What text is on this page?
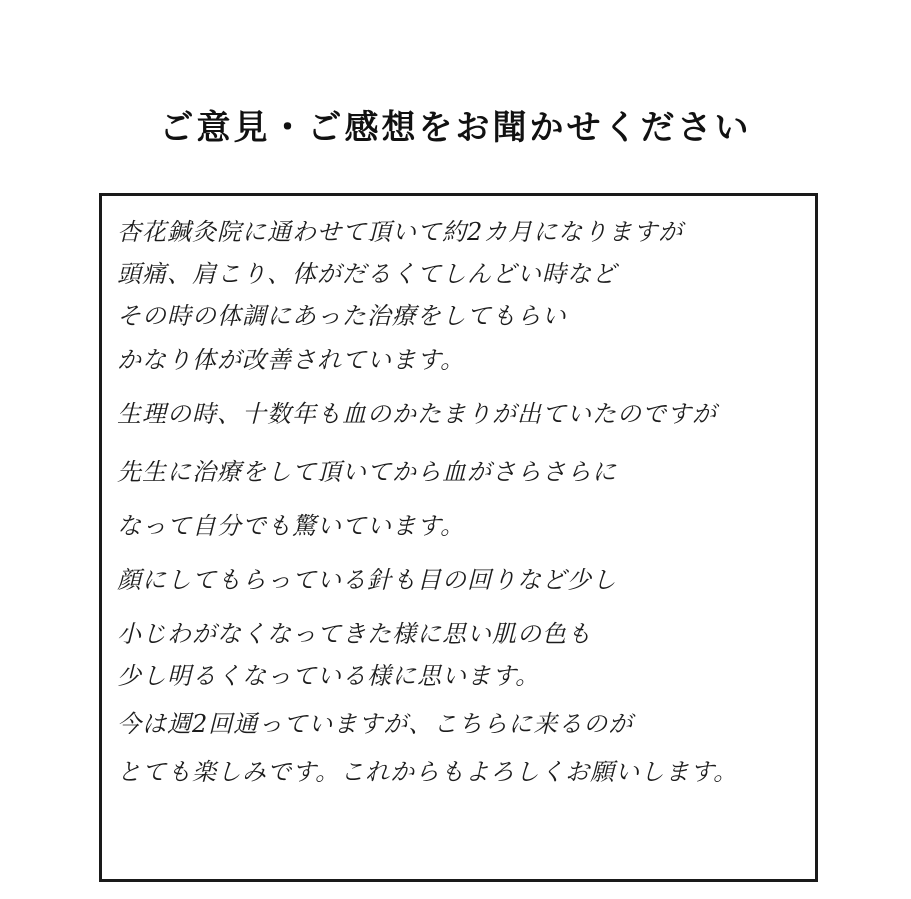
ご意見・ご感想をお聞かせください
杏花鍼灸院に通わせて頂いて約2カ月になりますが
頭痛、肩こり、体がだるくてしんどい時など
その時の体調にあった治療をしてもらい
かなり体が改善されています。
生理の時、十数年も血のかたまりが出ていたのですが
先生に治療をして頂いてから血がさらさらに
なって自分でも驚いています。
顔にしてもらっている針も目の回りなど少し
小じわがなくなってきた様に思い肌の色も
少し明るくなっている様に思います。
今は週2回通っていますが、こちらに来るのが
とても楽しみです。これからもよろしくお願いします。
